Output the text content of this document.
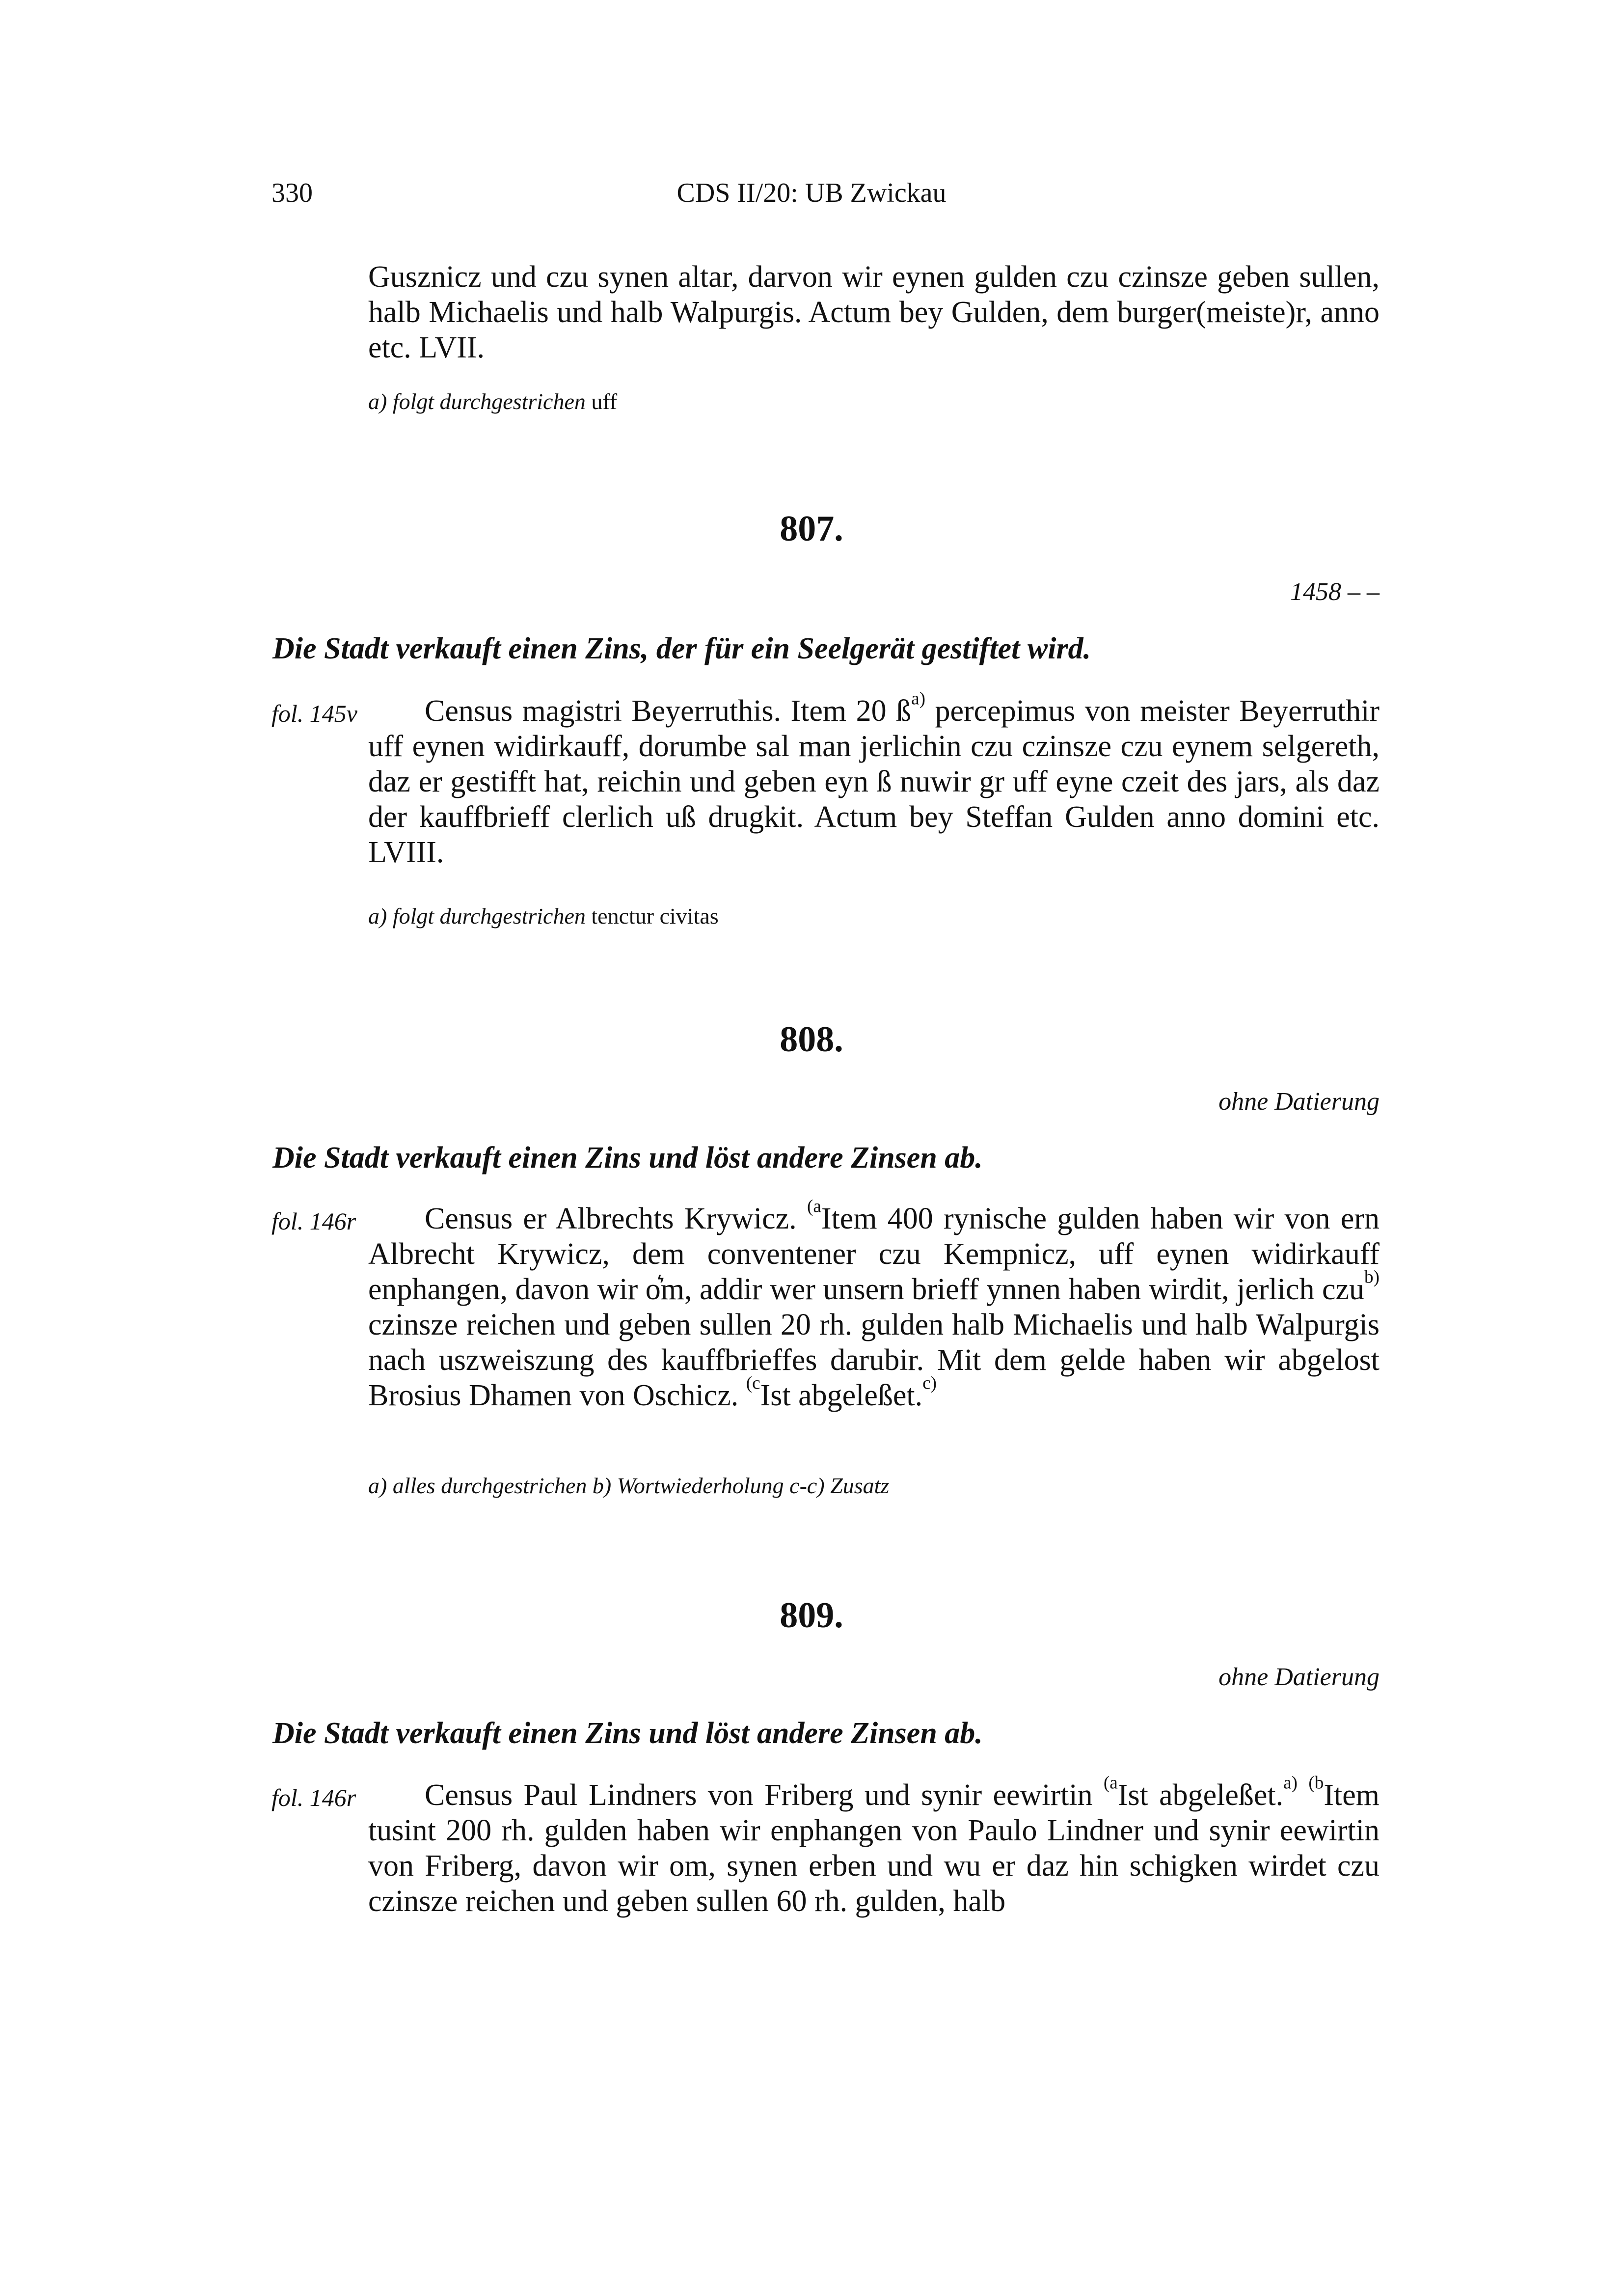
330	CDS II/20: UB Zwickau

Gusznicz und czu synen altar, darvon wir eynen gulden czu czinsze geben sullen, halb Michaelis und halb Walpurgis. Actum bey Gulden, dem burger(meiste)r, anno etc. LVII.

a) folgt durchgestrichen uff
807.
1458 – –
Die Stadt verkauft einen Zins, der für ein Seelgerät gestiftet wird.
fol. 145v	Census magistri Beyerruthis. Item 20 $ß^{a)}$ percepimus von meister Beyerruthir uff eynen widirkauff, dorumbe sal man jerlichin czu czinsze czu eynem selgereth, daz er gestifft hat, reichin und geben eyn ß nuwir gr uff eyne czeit des jars, als daz der kauffbrieff clerlich uß drugkit. Actum bey Steffan Gulden anno domini etc. LVIII.

a) folgt durchgestrichen tenctur civitas
808.
ohne Datierung
Die Stadt verkauft einen Zins und löst andere Zinsen ab.
fol. 146r	Census er Albrechts Krywicz. $^{(a}$Item 400 rynische gulden haben wir von ern Albrecht Krywicz, dem conventener czu Kempnicz, uff eynen widirkauff enphangen, davon wir o͛m, addir wer unsern brieff ynnen haben wirdit, jerlich czu$^{b)}$ czinsze reichen und geben sullen 20 rh. gulden halb Michaelis und halb Walpurgis nach uszweiszung des kauffbrieffes darubir. Mit dem gelde haben wir abgelost Brosius Dhamen von Oschicz. $^{(c}$Ist abgeleßet.$^{c)}$

a) alles durchgestrichen b) Wortwiederholung c-c) Zusatz
809.
ohne Datierung
Die Stadt verkauft einen Zins und löst andere Zinsen ab.
fol. 146r	Census Paul Lindners von Friberg und synir eewirtin $^{(a}$Ist abgeleßet.$^{a)}$ $^{(b}$Item tusint 200 rh. gulden haben wir enphangen von Paulo Lindner und synir eewirtin von Friberg, davon wir om, synen erben und wu er daz hin schigken wirdet czu czinsze reichen und geben sullen 60 rh. gulden, halb
